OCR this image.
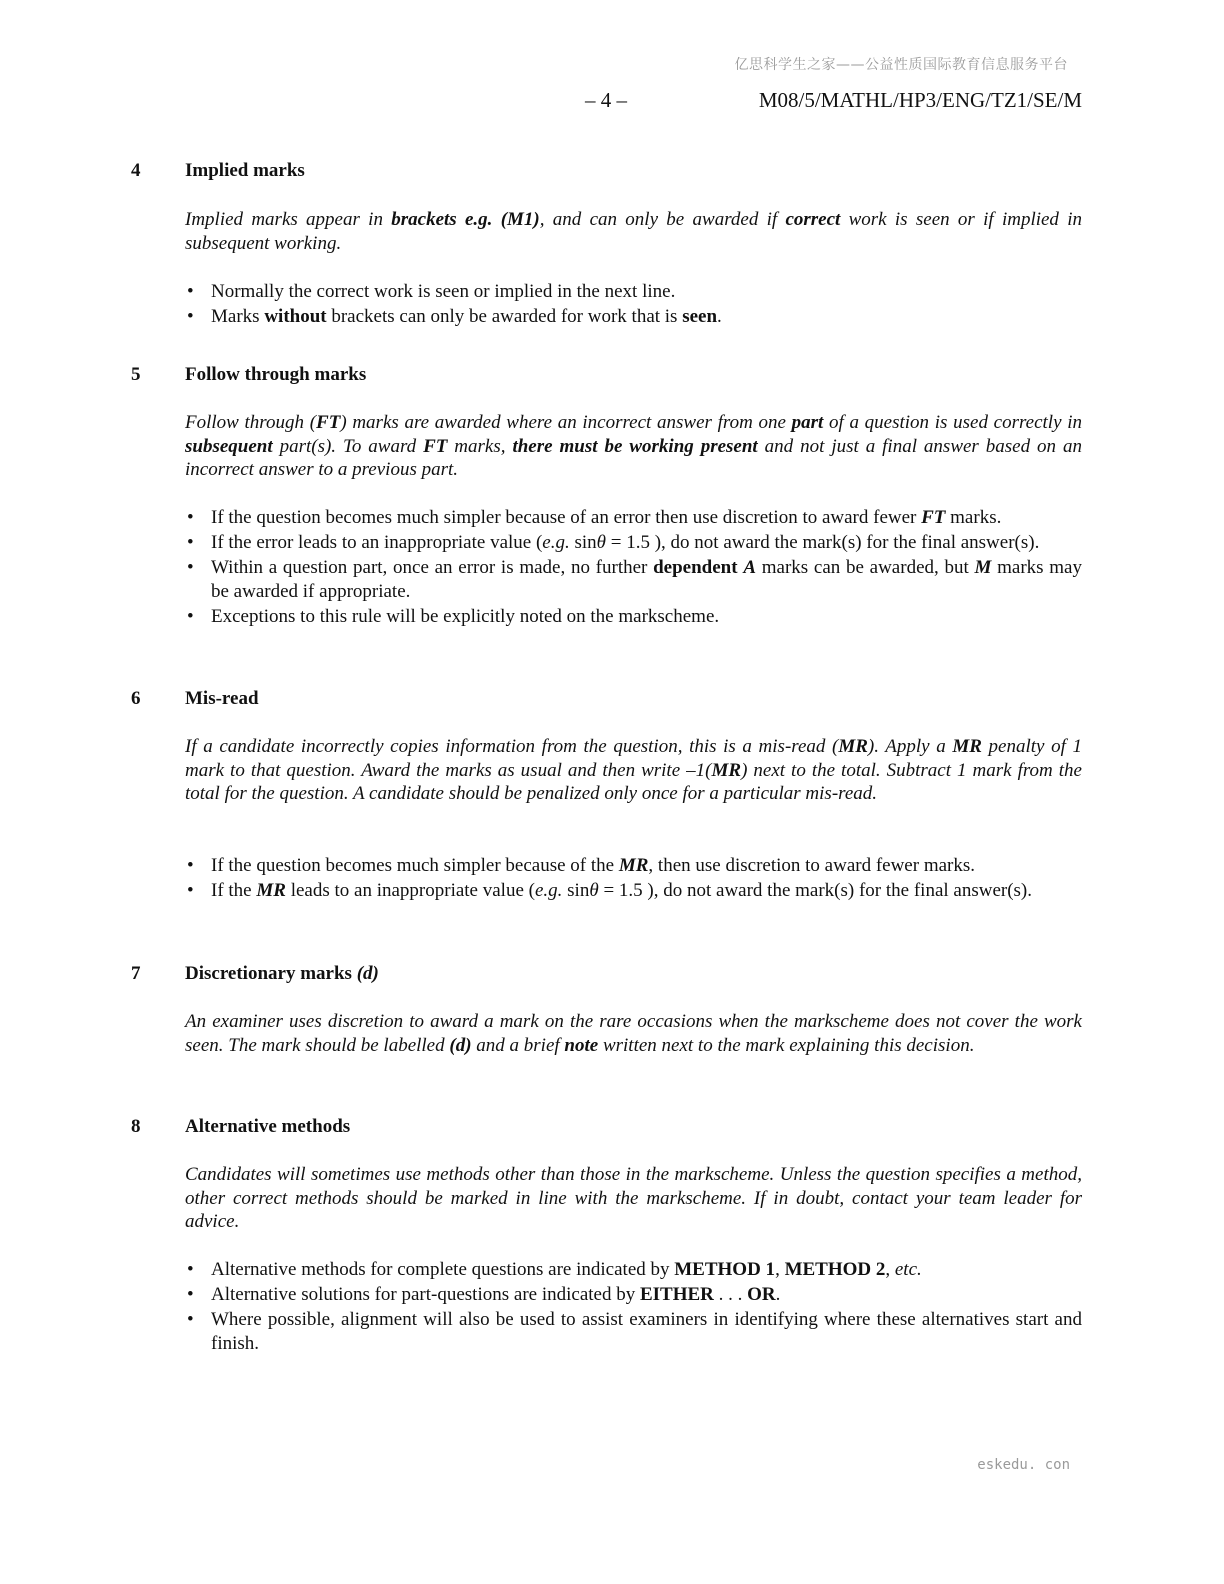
亿思科学生之家——公益性质国际教育信息服务平台
– 4 –	M08/5/MATHL/HP3/ENG/TZ1/SE/M
4 Implied marks

Implied marks appear in brackets e.g. (M1), and can only be awarded if correct work is seen or if implied in subsequent working.

• Normally the correct work is seen or implied in the next line.
• Marks without brackets can only be awarded for work that is seen.
5 Follow through marks

Follow through (FT) marks are awarded where an incorrect answer from one part of a question is used correctly in subsequent part(s). To award FT marks, there must be working present and not just a final answer based on an incorrect answer to a previous part.

• If the question becomes much simpler because of an error then use discretion to award fewer FT marks.
• If the error leads to an inappropriate value (e.g. sinθ = 1.5 ), do not award the mark(s) for the final answer(s).
• Within a question part, once an error is made, no further dependent A marks can be awarded, but M marks may be awarded if appropriate.
• Exceptions to this rule will be explicitly noted on the markscheme.
6 Mis-read

If a candidate incorrectly copies information from the question, this is a mis-read (MR). Apply a MR penalty of 1 mark to that question. Award the marks as usual and then write –1(MR) next to the total. Subtract 1 mark from the total for the question. A candidate should be penalized only once for a particular mis-read.

• If the question becomes much simpler because of the MR, then use discretion to award fewer marks.
• If the MR leads to an inappropriate value (e.g. sinθ = 1.5 ), do not award the mark(s) for the final answer(s).
7 Discretionary marks (d)

An examiner uses discretion to award a mark on the rare occasions when the markscheme does not cover the work seen. The mark should be labelled (d) and a brief note written next to the mark explaining this decision.

8 Alternative methods

Candidates will sometimes use methods other than those in the markscheme. Unless the question specifies a method, other correct methods should be marked in line with the markscheme. If in doubt, contact your team leader for advice.

• Alternative methods for complete questions are indicated by METHOD 1, METHOD 2, etc.
• Alternative solutions for part-questions are indicated by EITHER . . . OR.
• Where possible, alignment will also be used to assist examiners in identifying where these alternatives start and finish.
eskedu. con
